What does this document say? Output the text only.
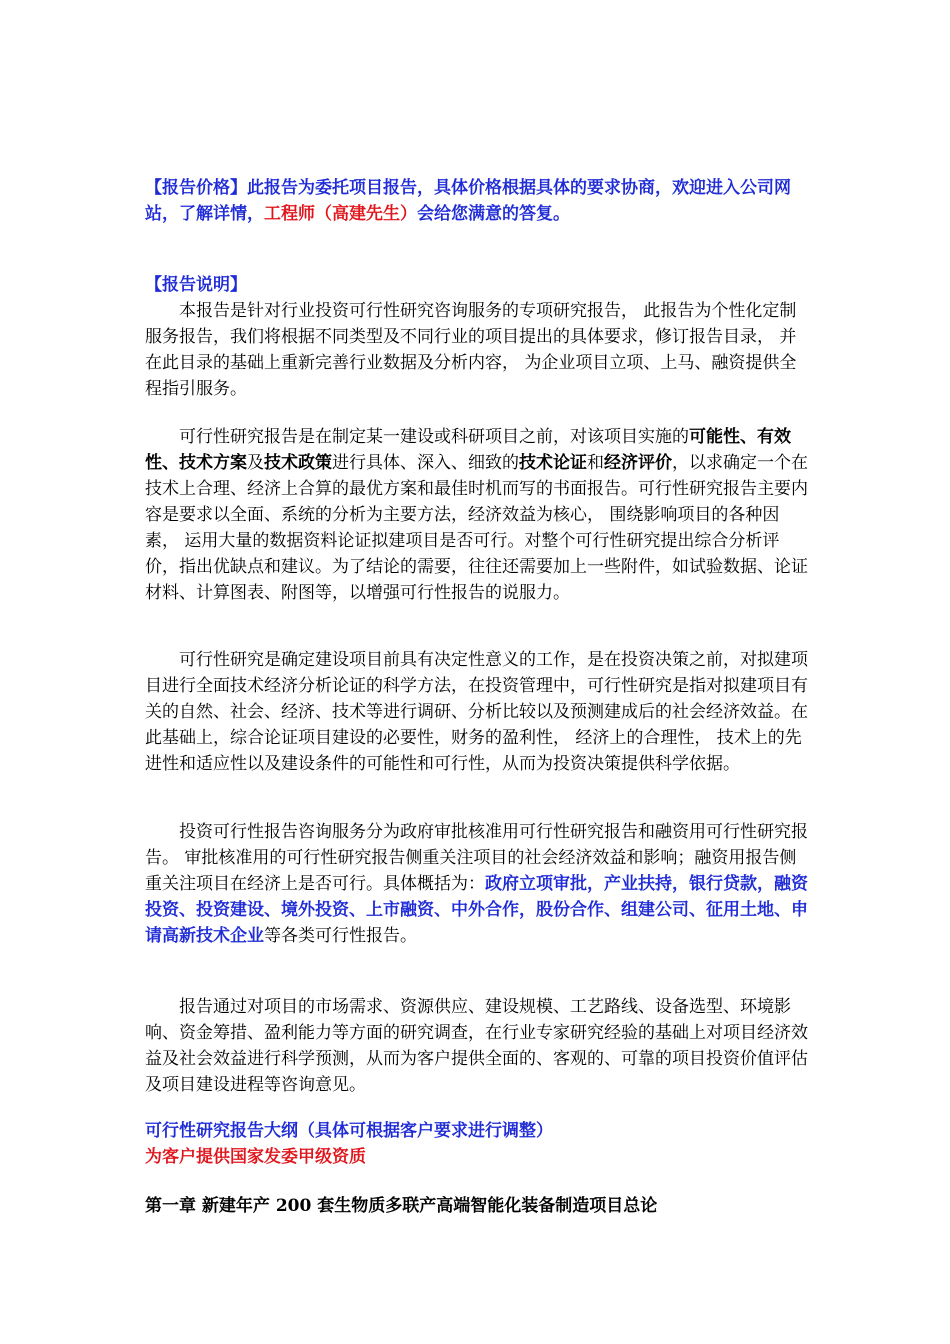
【报告价格】此报告为委托项目报告，具体价格根据具体的要求协商，欢迎进入公司网站，了解详情，工程师（高建先生）会给您满意的答复。

【报告说明】

本报告是针对行业投资可行性研究咨询服务的专项研究报告， 此报告为个性化定制服务报告，我们将根据不同类型及不同行业的项目提出的具体要求，修订报告目录， 并在此目录的基础上重新完善行业数据及分析内容， 为企业项目立项、上马、融资提供全程指引服务。

可行性研究报告是在制定某一建设或科研项目之前，对该项目实施的可能性、有效性、技术方案及技术政策进行具体、深入、细致的技术论证和经济评价，以求确定一个在技术上合理、经济上合算的最优方案和最佳时机而写的书面报告。可行性研究报告主要内容是要求以全面、系统的分析为主要方法，经济效益为核心， 围绕影响项目的各种因素， 运用大量的数据资料论证拟建项目是否可行。对整个可行性研究提出综合分析评价，指出优缺点和建议。为了结论的需要，往往还需要加上一些附件，如试验数据、论证材料、计算图表、附图等，以增强可行性报告的说服力。

可行性研究是确定建设项目前具有决定性意义的工作，是在投资决策之前，对拟建项目进行全面技术经济分析论证的科学方法，在投资管理中，可行性研究是指对拟建项目有关的自然、社会、经济、技术等进行调研、分析比较以及预测建成后的社会经济效益。在此基础上，综合论证项目建设的必要性，财务的盈利性， 经济上的合理性， 技术上的先进性和适应性以及建设条件的可能性和可行性，从而为投资决策提供科学依据。

投资可行性报告咨询服务分为政府审批核准用可行性研究报告和融资用可行性研究报告。 审批核准用的可行性研究报告侧重关注项目的社会经济效益和影响；融资用报告侧重关注项目在经济上是否可行。具体概括为：政府立项审批，产业扶持，银行贷款，融资投资、投资建设、境外投资、上市融资、中外合作，股份合作、组建公司、征用土地、申请高新技术企业等各类可行性报告。

报告通过对项目的市场需求、资源供应、建设规模、工艺路线、设备选型、环境影响、资金筹措、盈利能力等方面的研究调查，在行业专家研究经验的基础上对项目经济效益及社会效益进行科学预测，从而为客户提供全面的、客观的、可靠的项目投资价值评估及项目建设进程等咨询意见。

可行性研究报告大纲（具体可根据客户要求进行调整）
为客户提供国家发委甲级资质
第一章 新建年产 200 套生物质多联产高端智能化装备制造项目总论
